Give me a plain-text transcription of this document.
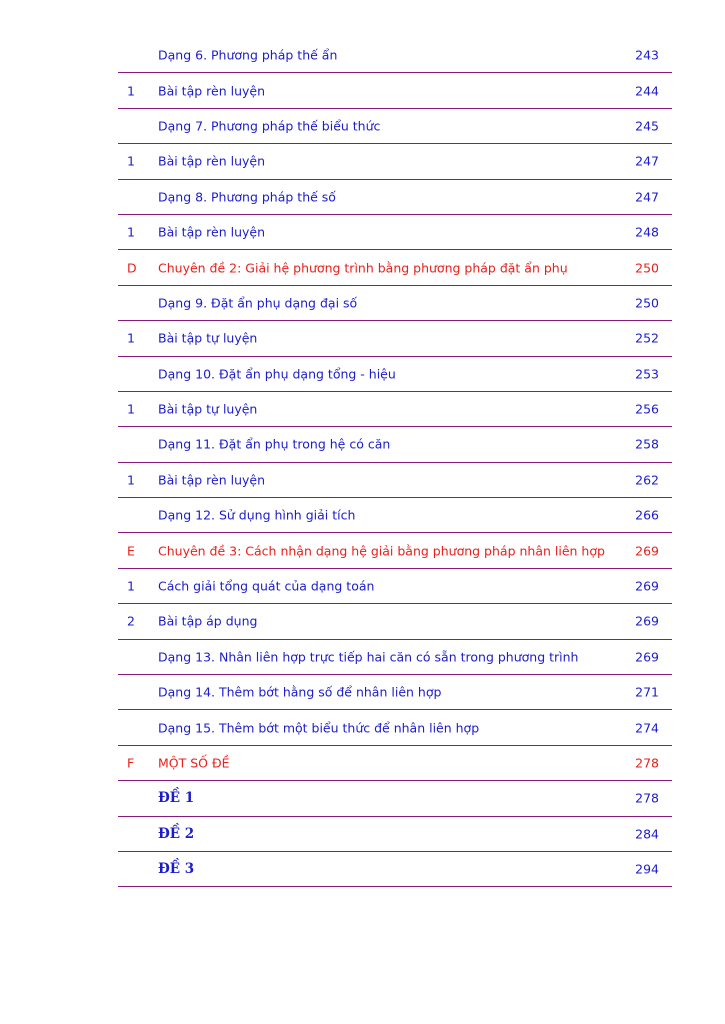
Dạng 6. Phương pháp thế ẩn	243
1 Bài tập rèn luyện	244
Dạng 7. Phương pháp thế biểu thức	245
1 Bài tập rèn luyện	247
Dạng 8. Phương pháp thế số	247
1 Bài tập rèn luyện	248
D Chuyên đề 2: Giải hệ phương trình bằng phương pháp đặt ẩn phụ	250
Dạng 9. Đặt ẩn phụ dạng đại số	250
1 Bài tập tự luyện	252
Dạng 10. Đặt ẩn phụ dạng tổng - hiệu	253
1 Bài tập tự luyện	256
Dạng 11. Đặt ẩn phụ trong hệ có căn	258
1 Bài tập rèn luyện	262
Dạng 12. Sử dụng hình giải tích	266
E Chuyên đề 3: Cách nhận dạng hệ giải bằng phương pháp nhân liên hợp 269
1 Cách giải tổng quát của dạng toán	269
2 Bài tập áp dụng	269
Dạng 13. Nhân liên hợp trực tiếp hai căn có sẵn trong phương trình	269
Dạng 14. Thêm bớt hằng số để nhân liên hợp	271
Dạng 15. Thêm bớt một biểu thức để nhân liên hợp	274
F MỘT SỐ ĐỀ	278
ĐỀ 1	278
ĐỀ 2	284
ĐỀ 3	294
